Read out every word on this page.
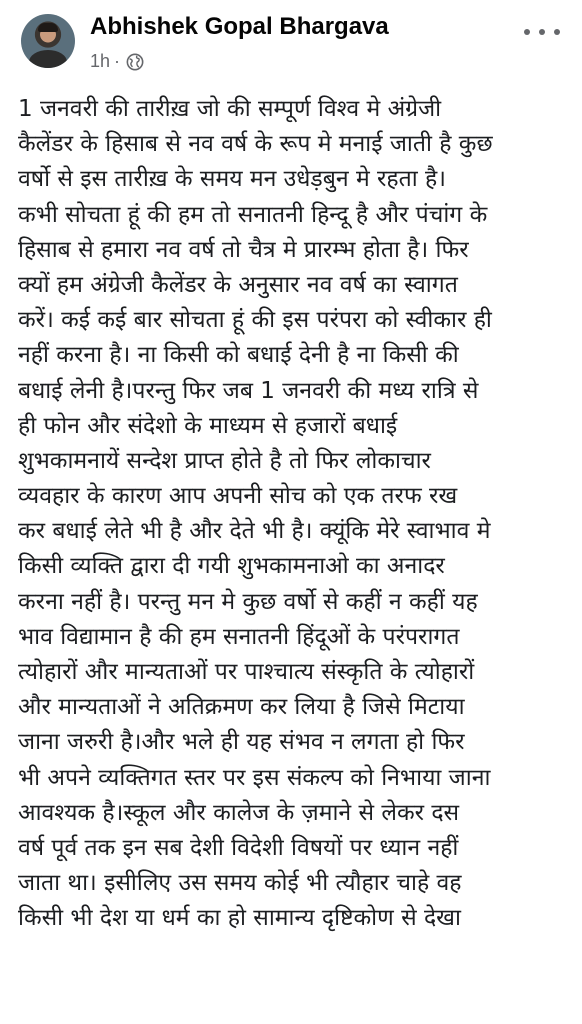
Abhishek Gopal Bhargava
1h ·
1 जनवरी की तारीख़ जो की सम्पूर्ण विश्व मे अंग्रेजी
कैलेंडर के हिसाब से नव वर्ष के रूप मे मनाई जाती है कुछ
वर्षो से इस तारीख़ के समय मन उधेड़बुन मे रहता है।
कभी सोचता हूं की हम तो सनातनी हिन्दू है और पंचांग के
हिसाब से हमारा नव वर्ष तो चैत्र मे प्रारम्भ होता है। फिर
क्यों हम अंग्रेजी कैलेंडर के अनुसार नव वर्ष का स्वागत
करें। कई कई बार सोचता हूं की इस परंपरा को स्वीकार ही
नहीं करना है। ना किसी को बधाई देनी है ना किसी की
बधाई लेनी है।परन्तु फिर जब 1 जनवरी की मध्य रात्रि से
ही फोन और संदेशो के माध्यम से हजारों बधाई
शुभकामनायें सन्देश प्राप्त होते है तो फिर लोकाचार
व्यवहार के कारण आप अपनी सोच को एक तरफ रख
कर बधाई लेते भी है और देते भी है। क्यूंकि मेरे स्वाभाव मे
किसी व्यक्ति द्वारा दी गयी शुभकामनाओ का अनादर
करना नहीं है। परन्तु मन मे कुछ वर्षो से कहीं न कहीं यह
भाव विद्यामान है की हम सनातनी हिंदूओं के परंपरागत
त्योहारों और मान्यताओं पर पाश्चात्य संस्कृति के त्योहारों
और मान्यताओं ने अतिक्रमण कर लिया है जिसे मिटाया
जाना जरुरी है।और भले ही यह संभव न लगता हो फिर
भी अपने व्यक्तिगत स्तर पर इस संकल्प को निभाया जाना
आवश्यक है।स्कूल और कालेज के ज़माने से लेकर दस
वर्ष पूर्व तक इन सब देशी विदेशी विषयों पर ध्यान नहीं
जाता था। इसीलिए उस समय कोई भी त्यौहार चाहे वह
किसी भी देश या धर्म का हो सामान्य दृष्टिकोण से देखा
